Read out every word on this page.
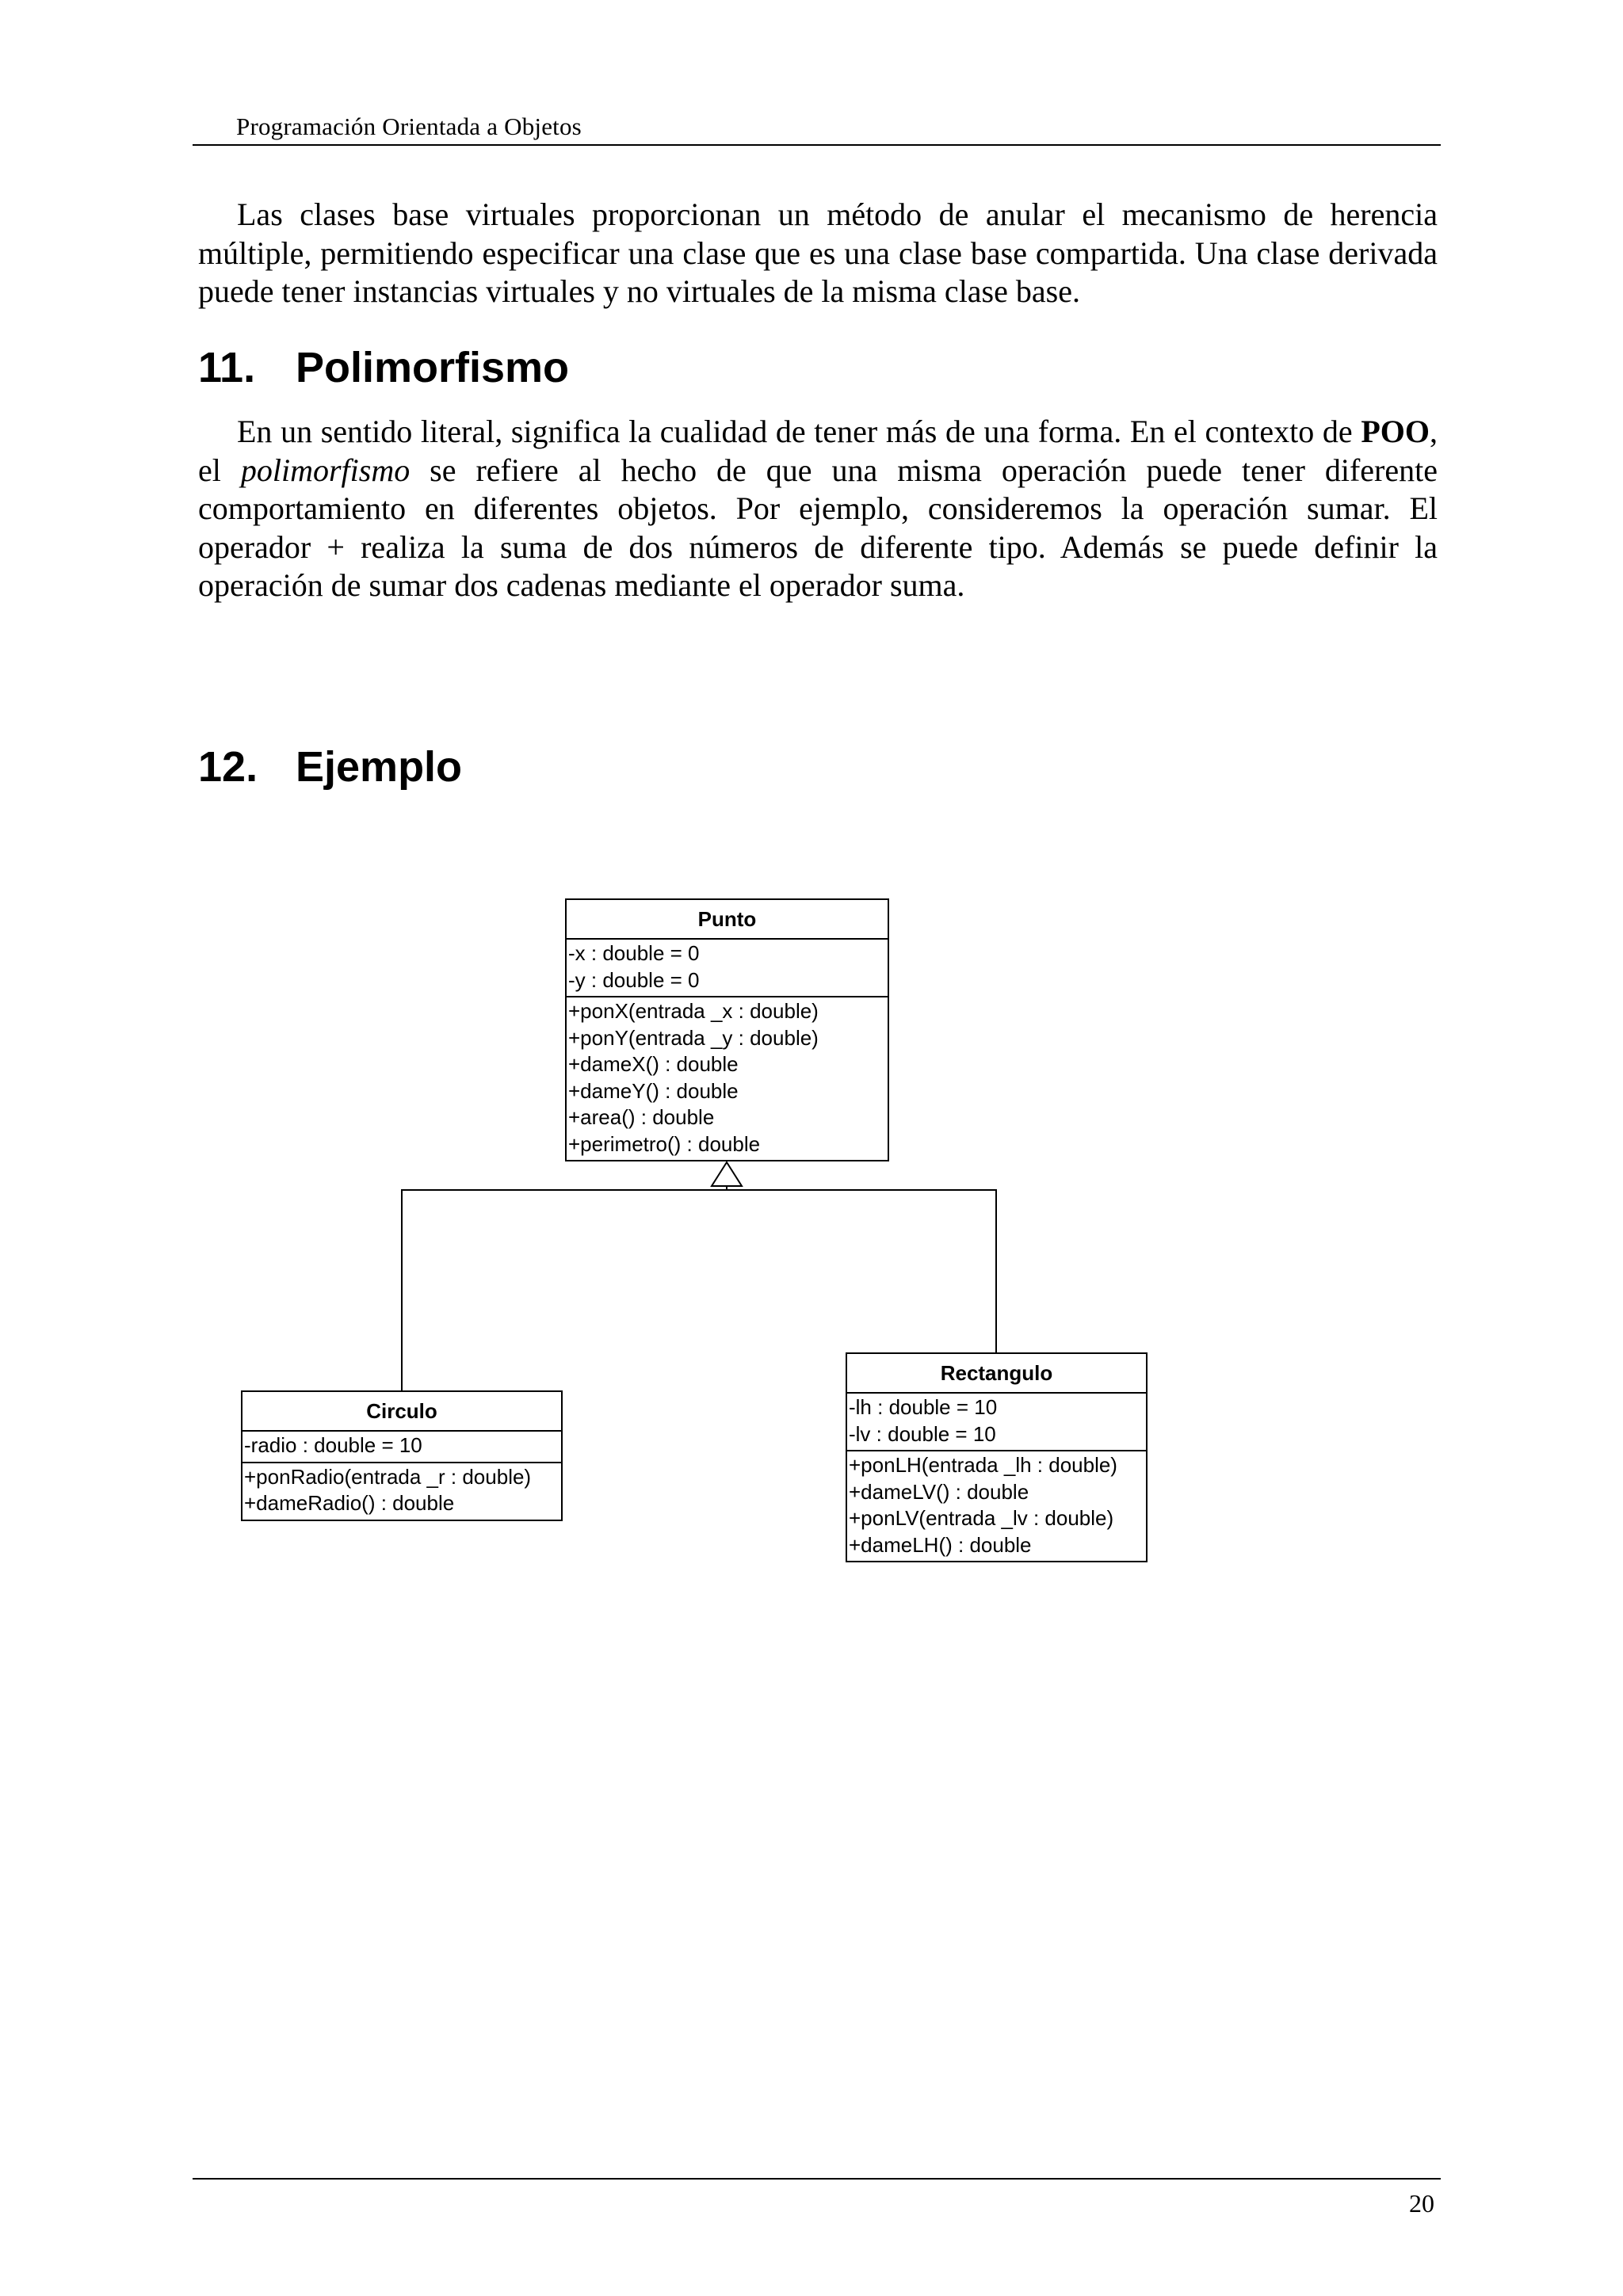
Programación Orientada a Objetos

Las clases base virtuales proporcionan un método de anular el mecanismo de herencia múltiple, permitiendo especificar una clase que es una clase base compartida. Una clase derivada puede tener instancias virtuales y no virtuales de la misma clase base.

11. Polimorfismo

En un sentido literal, significa la cualidad de tener más de una forma. En el contexto de POO, el polimorfismo se refiere al hecho de que una misma operación puede tener diferente comportamiento en diferentes objetos. Por ejemplo, consideremos la operación sumar. El operador + realiza la suma de dos números de diferente tipo. Además se puede definir la operación de sumar dos cadenas mediante el operador suma.

12. Ejemplo
Punto
-x : double = 0
-y : double = 0
+ponX(entrada _x : double)
+ponY(entrada _y : double)
+dameX() : double
+dameY() : double
+area() : double
+perimetro() : double
Circulo
-radio : double = 10
+ponRadio(entrada _r : double)
+dameRadio() : double
Rectangulo
-lh : double = 10
-lv : double = 10
+ponLH(entrada _lh : double)
+dameLV() : double
+ponLV(entrada _lv : double)
+dameLH() : double
20
